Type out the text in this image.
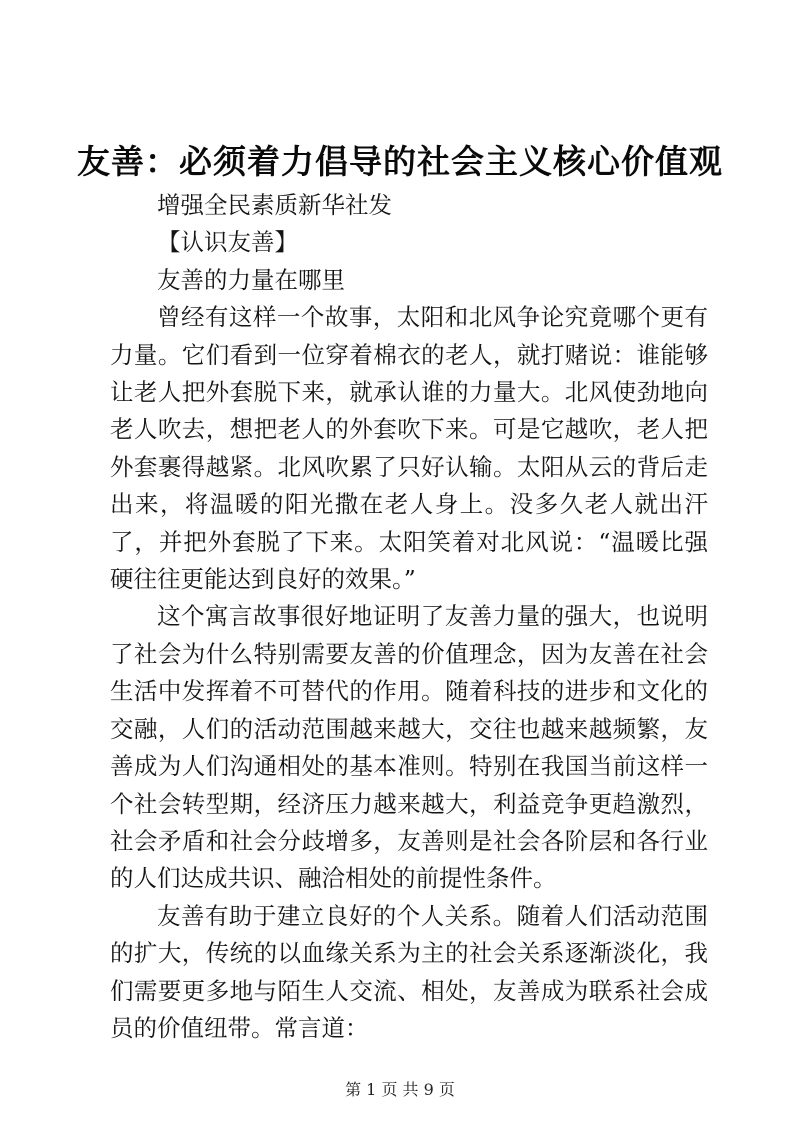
友善：必须着力倡导的社会主义核心价值观

增强全民素质新华社发

【认识友善】

友善的力量在哪里

曾经有这样一个故事，太阳和北风争论究竟哪个更有力量。它们看到一位穿着棉衣的老人，就打赌说：谁能够让老人把外套脱下来，就承认谁的力量大。北风使劲地向老人吹去，想把老人的外套吹下来。可是它越吹，老人把外套裹得越紧。北风吹累了只好认输。太阳从云的背后走出来，将温暖的阳光撒在老人身上。没多久老人就出汗了，并把外套脱了下来。太阳笑着对北风说：“温暖比强硬往往更能达到良好的效果。”

这个寓言故事很好地证明了友善力量的强大，也说明了社会为什么特别需要友善的价值理念，因为友善在社会生活中发挥着不可替代的作用。随着科技的进步和文化的交融，人们的活动范围越来越大，交往也越来越频繁，友善成为人们沟通相处的基本准则。特别在我国当前这样一个社会转型期，经济压力越来越大，利益竞争更趋激烈，社会矛盾和社会分歧增多，友善则是社会各阶层和各行业的人们达成共识、融洽相处的前提性条件。

友善有助于建立良好的个人关系。随着人们活动范围的扩大，传统的以血缘关系为主的社会关系逐渐淡化，我们需要更多地与陌生人交流、相处，友善成为联系社会成员的价值纽带。常言道：

第 1 页 共 9 页
